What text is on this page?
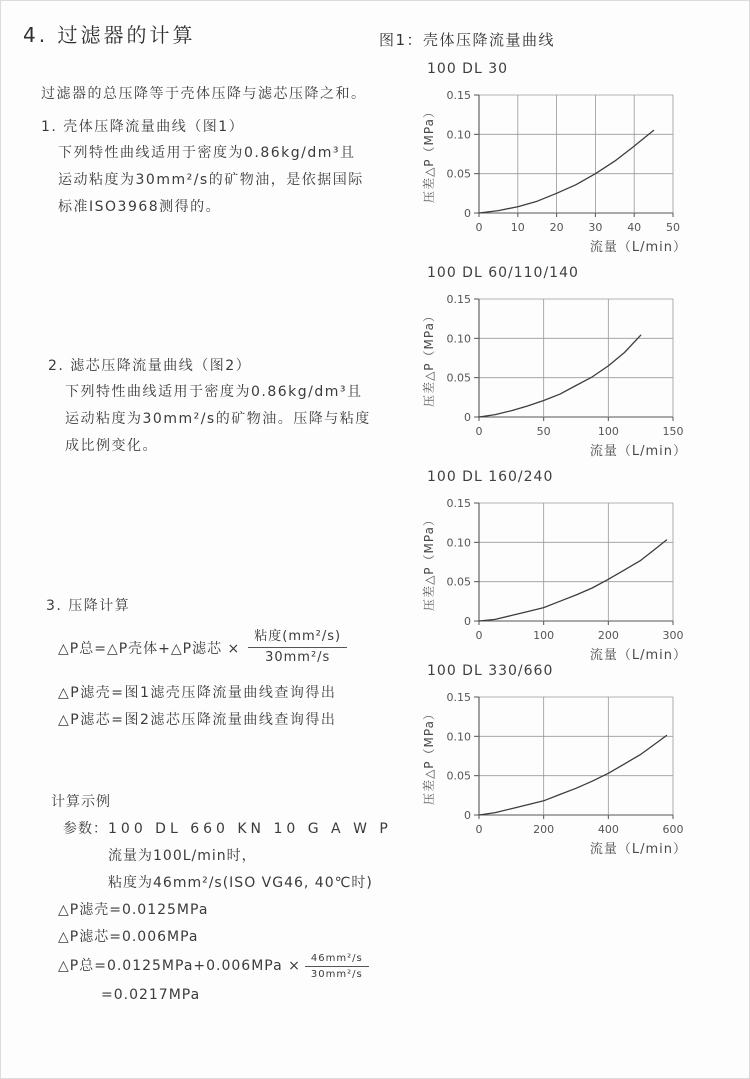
4. 过滤器的计算
过滤器的总压降等于壳体压降与滤芯压降之和。
1. 壳体压降流量曲线（图1）
下列特性曲线适用于密度为0.86kg/dm³且
运动粘度为30mm²/s的矿物油，是依据国际
标准ISO3968测得的。
2. 滤芯压降流量曲线（图2）
下列特性曲线适用于密度为0.86kg/dm³且
运动粘度为30mm²/s的矿物油。压降与粘度
成比例变化。
3. 压降计算
△P总=△P壳体+△P滤芯 × $\frac{\text{粘度(mm²/s)}}{\text{30mm²/s}}$
△P滤壳=图1滤壳压降流量曲线查询得出
△P滤芯=图2滤芯压降流量曲线查询得出
计算示例
参数：100 DL 660 KN 10 G A W P
流量为100L/min时，
粘度为46mm²/s(ISO VG46, 40℃时)
△P滤壳=0.0125MPa
△P滤芯=0.006MPa
△P总$=0.0125MPa+0.006MPa \times \frac{\text{46mm²/s}}{\text{30mm²/s}}$
=0.0217MPa
图1：壳体压降流量曲线
100 DL 30
0
0.05
0.10
0.15
0	10 20 30 40 50
流量（L/min）
压差△P（MPa）
100 DL 60/110/140
0
0.05
0.10
0.15
0	50	100	150
流量（L/min）
压差△P（MPa）
100 DL 160/240
0
0.05
0.10
0.15
0	100	200	300
流量（L/min）
压差△P（MPa）
100 DL 330/660
0
0.05
0.10
0.15
0	200	400	600
流量（L/min）
压差△P（MPa）
